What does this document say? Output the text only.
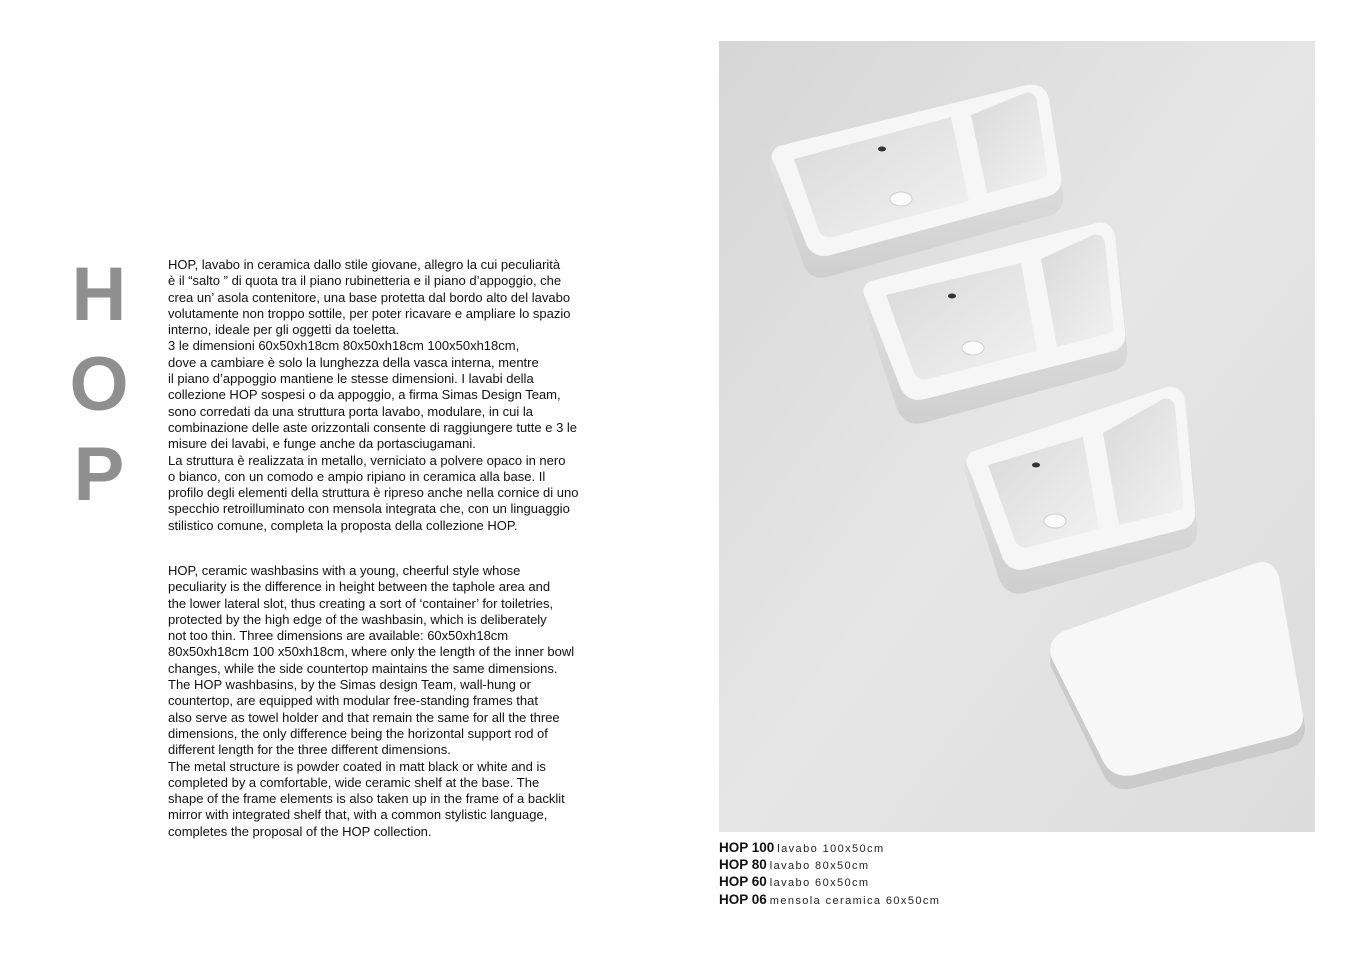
H
O
P

HOP, lavabo in ceramica dallo stile giovane, allegro la cui peculiarità
è il “salto ” di quota tra il piano rubinetteria e il piano d’appoggio, che
crea un’ asola contenitore, una base protetta dal bordo alto del lavabo
volutamente non troppo sottile, per poter ricavare e ampliare lo spazio
interno, ideale per gli oggetti da toeletta.
3 le dimensioni 60x50xh18cm 80x50xh18cm 100x50xh18cm,
dove a cambiare è solo la lunghezza della vasca interna, mentre
il piano d’appoggio mantiene le stesse dimensioni. I lavabi della
collezione HOP sospesi o da appoggio, a firma Simas Design Team,
sono corredati da una struttura porta lavabo, modulare, in cui la
combinazione delle aste orizzontali consente di raggiungere tutte e 3 le
misure dei lavabi, e funge anche da portasciugamani.
La struttura è realizzata in metallo, verniciato a polvere opaco in nero
o bianco, con un comodo e ampio ripiano in ceramica alla base. Il
profilo degli elementi della struttura è ripreso anche nella cornice di uno
specchio retroilluminato con mensola integrata che, con un linguaggio
stilistico comune, completa la proposta della collezione HOP.

HOP, ceramic washbasins with a young, cheerful style whose
peculiarity is the difference in height between the taphole area and
the lower lateral slot, thus creating a sort of ‘container’ for toiletries,
protected by the high edge of the washbasin, which is deliberately
not too thin. Three dimensions are available: 60x50xh18cm
80x50xh18cm 100 x50xh18cm, where only the length of the inner bowl
changes, while the side countertop maintains the same dimensions.
The HOP washbasins, by the Simas design Team, wall-hung or
countertop, are equipped with modular free-standing frames that
also serve as towel holder and that remain the same for all the three
dimensions, the only difference being the horizontal support rod of
different length for the three different dimensions.
The metal structure is powder coated in matt black or white and is
completed by a comfortable, wide ceramic shelf at the base. The
shape of the frame elements is also taken up in the frame of a backlit
mirror with integrated shelf that, with a common stylistic language,
completes the proposal of the HOP collection.

HOP 100 lavabo 100x50cm
HOP 80 lavabo 80x50cm
HOP 60 lavabo 60x50cm
HOP 06 mensola ceramica 60x50cm
